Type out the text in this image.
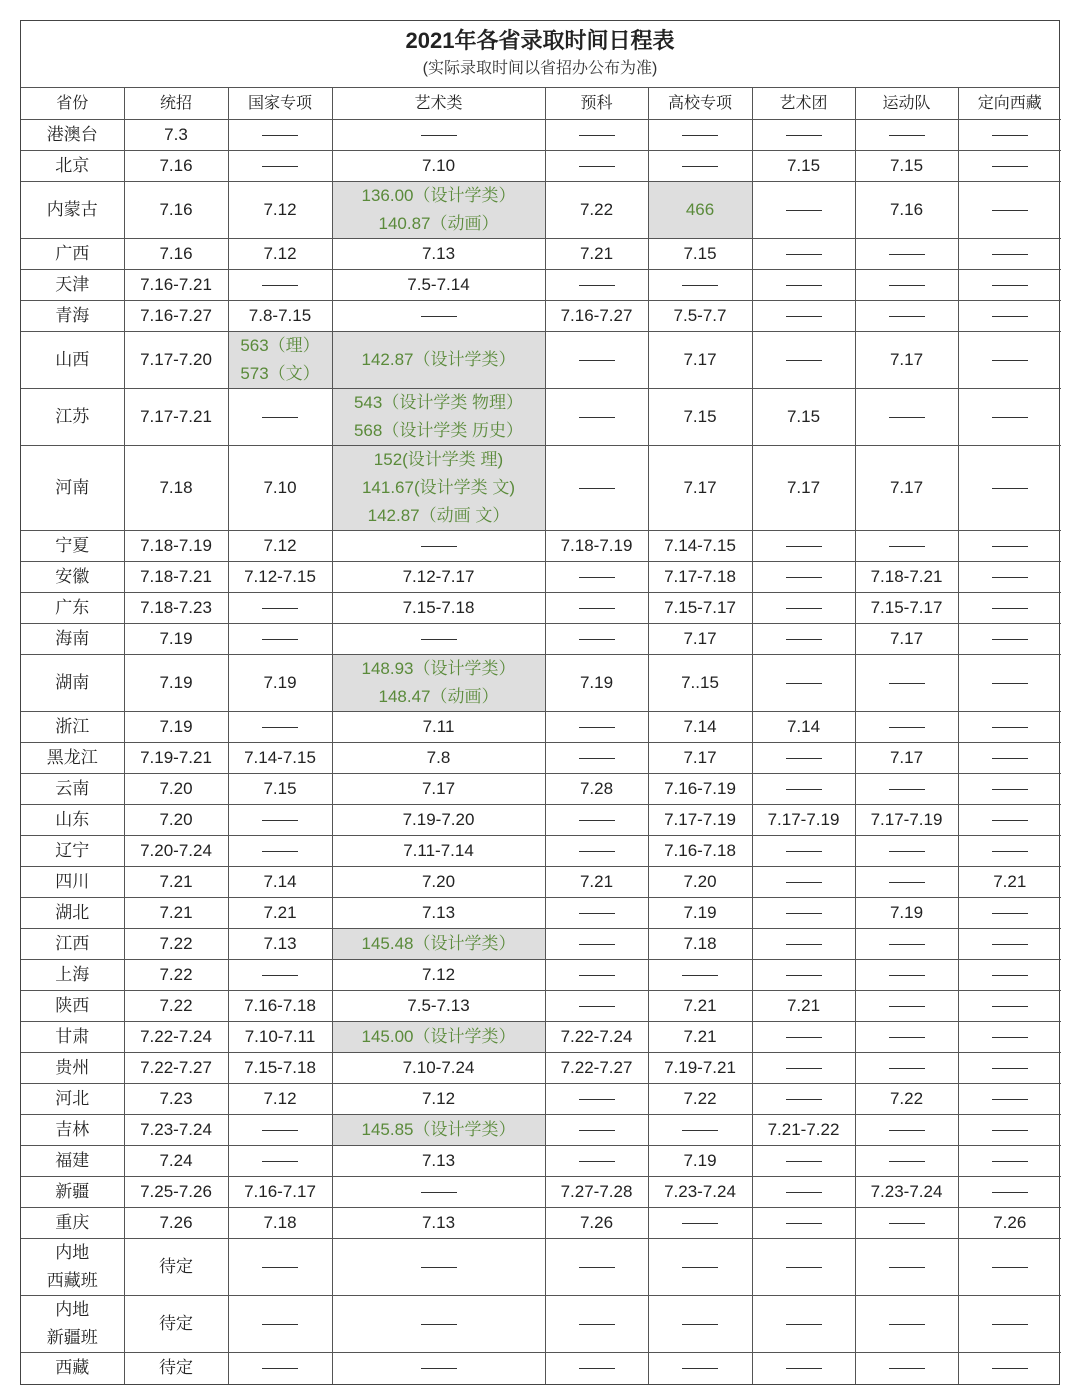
2021年各省录取时间日程表
(实际录取时间以省招办公布为准)
省份	统招	国家专项	艺术类	预科	高校专项	艺术团	运动队	定向西藏
港澳台	7.3							
北京	7.16		7.10			7.15	7.15	
内蒙古	7.16	7.12	136.00（设计学类）
140.87（动画）	7.22	466		7.16	
广西	7.16	7.12	7.13	7.21	7.15			
天津	7.16-7.21		7.5-7.14					
青海	7.16-7.27	7.8-7.15		7.16-7.27	7.5-7.7			
山西	7.17-7.20	563（理）
573（文）	142.87（设计学类）		7.17		7.17	
江苏	7.17-7.21		543（设计学类 物理）
568（设计学类 历史）		7.15	7.15		
河南	7.18	7.10	152(设计学类 理)
141.67(设计学类 文)
142.87（动画 文）		7.17	7.17	7.17	
宁夏	7.18-7.19	7.12		7.18-7.19	7.14-7.15			
安徽	7.18-7.21	7.12-7.15	7.12-7.17		7.17-7.18		7.18-7.21	
广东	7.18-7.23		7.15-7.18		7.15-7.17		7.15-7.17	
海南	7.19				7.17		7.17	
湖南	7.19	7.19	148.93（设计学类）
148.47（动画）	7.19	7..15			
浙江	7.19		7.11		7.14	7.14		
黑龙江	7.19-7.21	7.14-7.15	7.8		7.17		7.17	
云南	7.20	7.15	7.17	7.28	7.16-7.19			
山东	7.20		7.19-7.20		7.17-7.19	7.17-7.19	7.17-7.19	
辽宁	7.20-7.24		7.11-7.14		7.16-7.18			
四川	7.21	7.14	7.20	7.21	7.20			7.21
湖北	7.21	7.21	7.13		7.19		7.19	
江西	7.22	7.13	145.48（设计学类）		7.18			
上海	7.22		7.12					
陕西	7.22	7.16-7.18	7.5-7.13		7.21	7.21		
甘肃	7.22-7.24	7.10-7.11	145.00（设计学类）	7.22-7.24	7.21			
贵州	7.22-7.27	7.15-7.18	7.10-7.24	7.22-7.27	7.19-7.21			
河北	7.23	7.12	7.12		7.22		7.22	
吉林	7.23-7.24		145.85（设计学类）			7.21-7.22		
福建	7.24		7.13		7.19			
新疆	7.25-7.26	7.16-7.17		7.27-7.28	7.23-7.24		7.23-7.24	
重庆	7.26	7.18	7.13	7.26				7.26

内地
西藏班	待定							

内地
新疆班	待定							
西藏	待定							
